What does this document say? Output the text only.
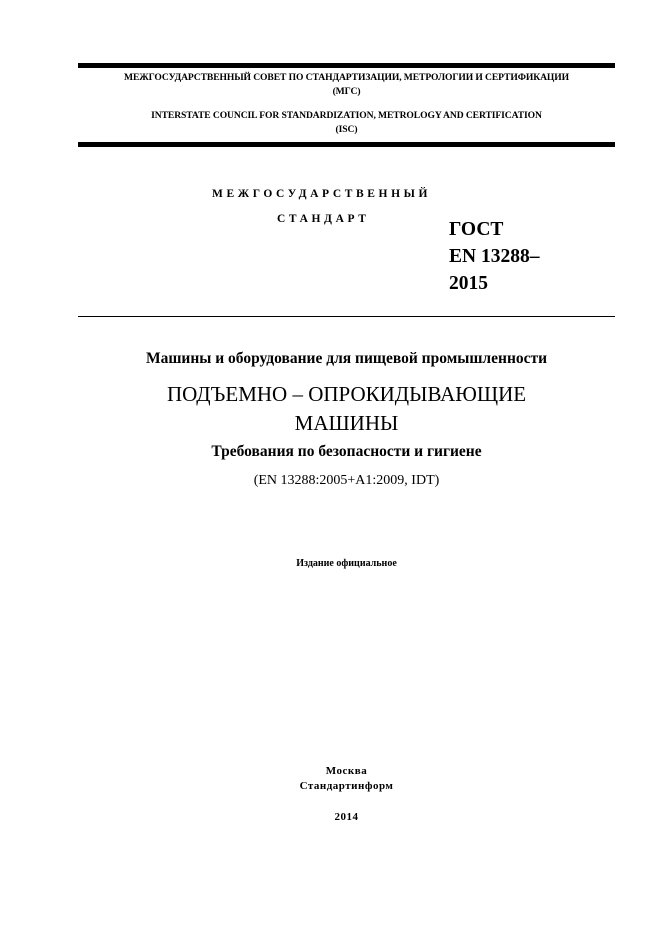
МЕЖГОСУДАРСТВЕННЫЙ СОВЕТ ПО СТАНДАРТИЗАЦИИ, МЕТРОЛОГИИ И СЕРТИФИКАЦИИ
(МГС)
INTERSTATE COUNCIL FOR STANDARDIZATION, METROLOGY AND CERTIFICATION
(ISC)
МЕЖГОСУДАРСТВЕННЫЙ
СТАНДАРТ	ГОСТ
EN 13288–
2015
Машины и оборудование для пищевой промышленности
ПОДЪЕМНО – ОПРОКИДЫВАЮЩИЕ
МАШИНЫ
Требования по безопасности и гигиене
(EN 13288:2005+A1:2009, IDT)
Издание официальное
Москва
Стандартинформ
2014
